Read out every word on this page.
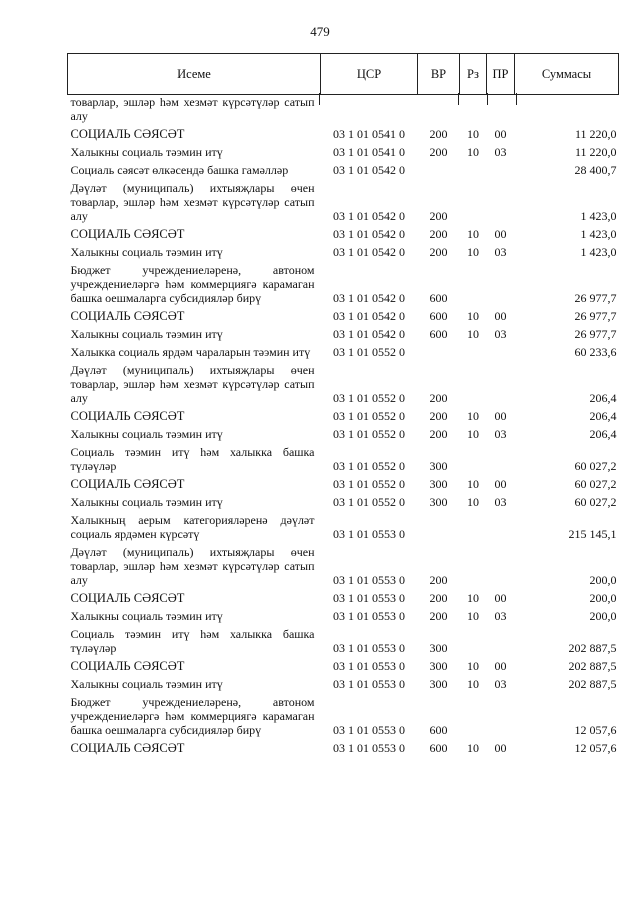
479
Исеме	ЦСР	ВР	Рз	ПР	Суммасы
товарлар, эшләр һәм хезмәт күрсәтүләр сатып алу					
СОЦИАЛЬ СӘЯСӘТ	03 1 01 0541 0	200	10	00	11 220,0
Халыкны социаль тәэмин итү	03 1 01 0541 0	200	10	03	11 220,0
Социаль сәясәт өлкәсендә башка гамәлләр	03 1 01 0542 0				28 400,7
Дәүләт (муниципаль) ихтыяҗлары өчен товарлар, эшләр һәм хезмәт күрсәтүләр сатып алу	03 1 01 0542 0	200			1 423,0
СОЦИАЛЬ СӘЯСӘТ	03 1 01 0542 0	200	10	00	1 423,0
Халыкны социаль тәэмин итү	03 1 01 0542 0	200	10	03	1 423,0
Бюджет учреждениеләренә, автоном учреждениеләргә һәм коммерциягә карамаган башка оешмаларга субсидияләр бирү	03 1 01 0542 0	600			26 977,7
СОЦИАЛЬ СӘЯСӘТ	03 1 01 0542 0	600	10	00	26 977,7
Халыкны социаль тәэмин итү	03 1 01 0542 0	600	10	03	26 977,7
Халыкка социаль ярдәм чараларын тәэмин итү	03 1 01 0552 0				60 233,6
Дәүләт (муниципаль) ихтыяҗлары өчен товарлар, эшләр һәм хезмәт күрсәтүләр сатып алу	03 1 01 0552 0	200			206,4
СОЦИАЛЬ СӘЯСӘТ	03 1 01 0552 0	200	10	00	206,4
Халыкны социаль тәэмин итү	03 1 01 0552 0	200	10	03	206,4
Социаль тәэмин итү һәм халыкка башка түләүләр	03 1 01 0552 0	300			60 027,2
СОЦИАЛЬ СӘЯСӘТ	03 1 01 0552 0	300	10	00	60 027,2
Халыкны социаль тәэмин итү	03 1 01 0552 0	300	10	03	60 027,2
Халыкның аерым категорияләренә дәүләт социаль ярдәмен күрсәтү	03 1 01 0553 0				215 145,1
Дәүләт (муниципаль) ихтыяҗлары өчен товарлар, эшләр һәм хезмәт күрсәтүләр сатып алу	03 1 01 0553 0	200			200,0
СОЦИАЛЬ СӘЯСӘТ	03 1 01 0553 0	200	10	00	200,0
Халыкны социаль тәэмин итү	03 1 01 0553 0	200	10	03	200,0
Социаль тәэмин итү һәм халыкка башка түләүләр	03 1 01 0553 0	300			202 887,5
СОЦИАЛЬ СӘЯСӘТ	03 1 01 0553 0	300	10	00	202 887,5
Халыкны социаль тәэмин итү	03 1 01 0553 0	300	10	03	202 887,5
Бюджет учреждениеләренә, автоном учреждениеләргә һәм коммерциягә карамаган башка оешмаларга субсидияләр бирү	03 1 01 0553 0	600			12 057,6
СОЦИАЛЬ СӘЯСӘТ	03 1 01 0553 0	600	10	00	12 057,6
